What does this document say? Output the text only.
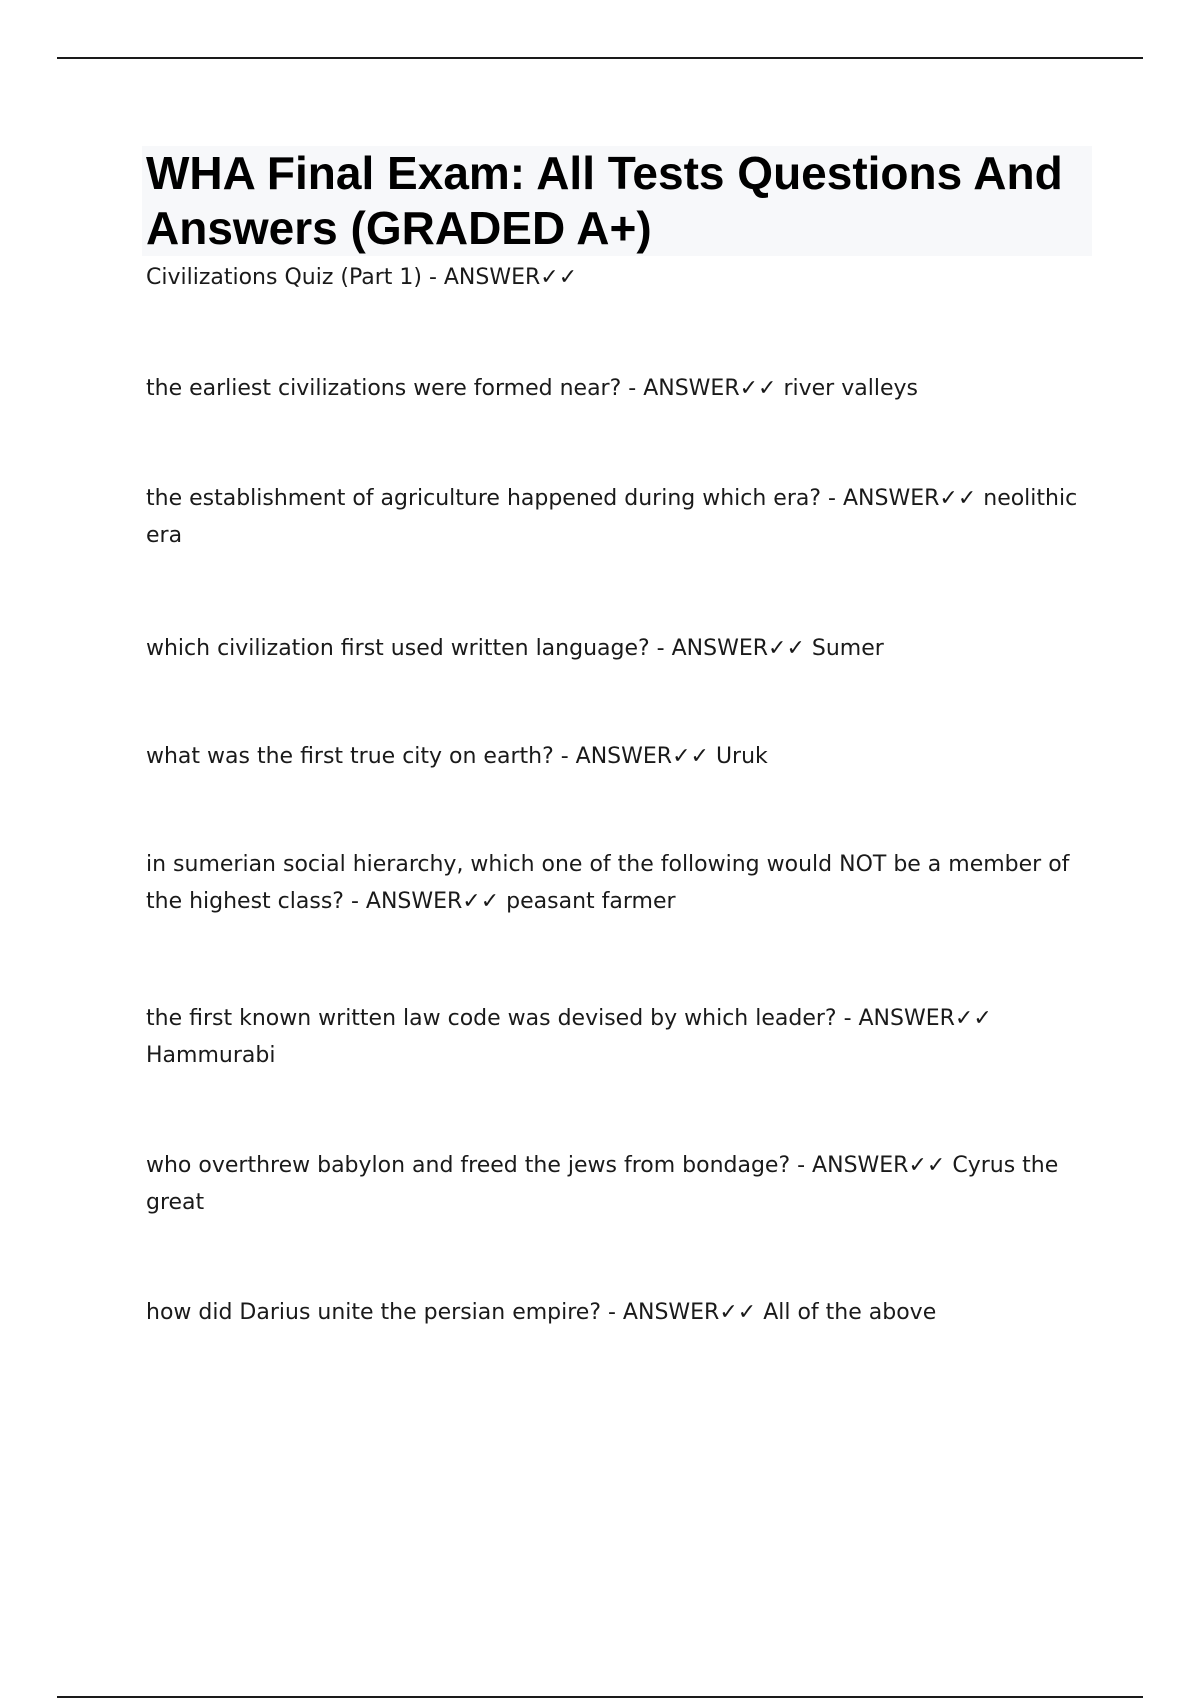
WHA Final Exam: All Tests Questions And Answers (GRADED A+)
Civilizations Quiz (Part 1) - ANSWER✓✓

the earliest civilizations were formed near? - ANSWER✓✓ river valleys

the establishment of agriculture happened during which era? - ANSWER✓✓ neolithic era

which civilization first used written language? - ANSWER✓✓ Sumer

what was the first true city on earth? - ANSWER✓✓ Uruk

in sumerian social hierarchy, which one of the following would NOT be a member of the highest class? - ANSWER✓✓ peasant farmer

the first known written law code was devised by which leader? - ANSWER✓✓ Hammurabi

who overthrew babylon and freed the jews from bondage? - ANSWER✓✓ Cyrus the great

how did Darius unite the persian empire? - ANSWER✓✓ All of the above
